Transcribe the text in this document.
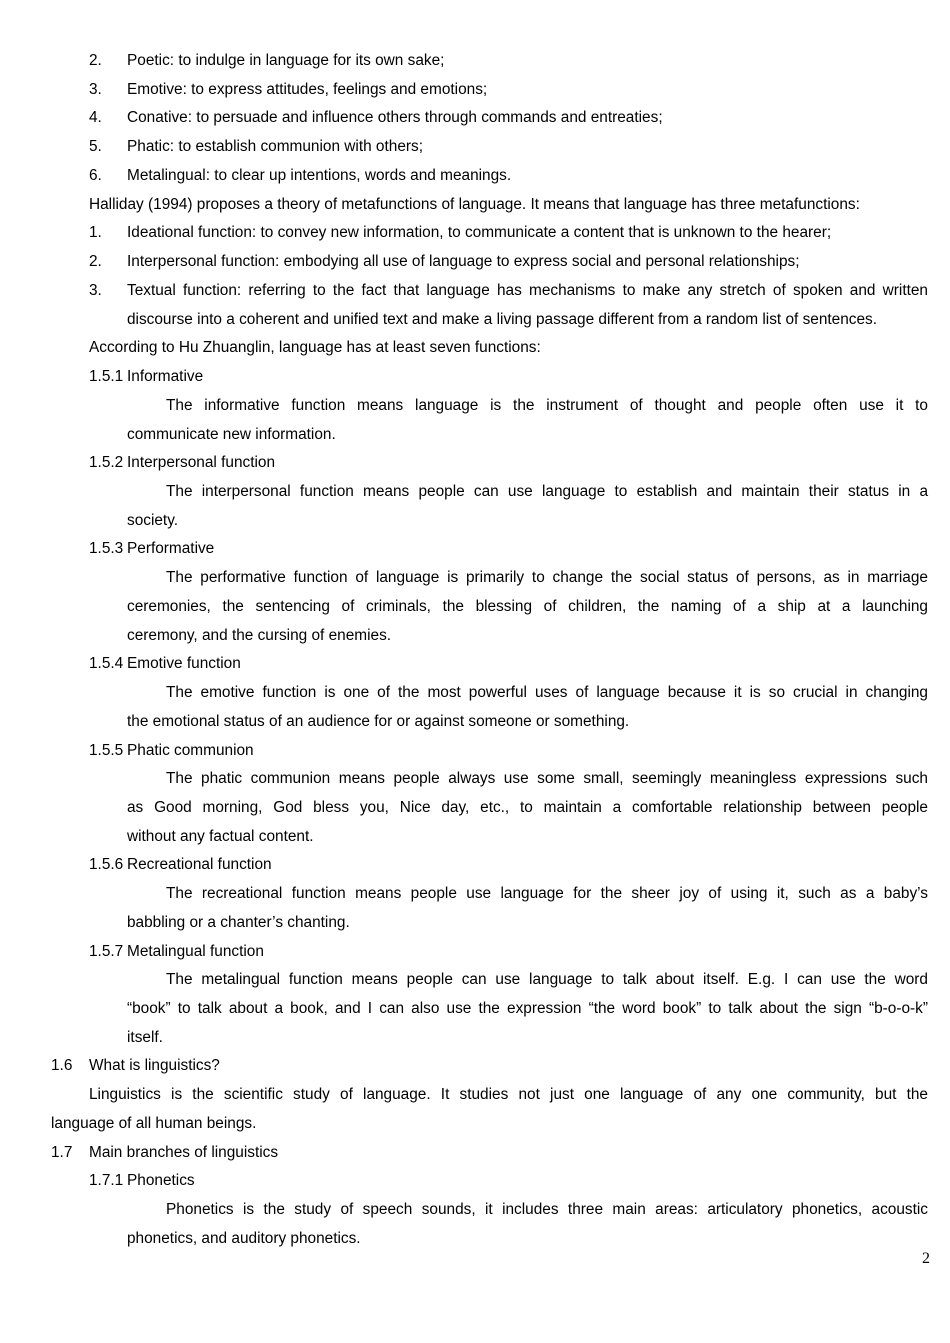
2. Poetic: to indulge in language for its own sake;
3. Emotive: to express attitudes, feelings and emotions;
4. Conative: to persuade and influence others through commands and entreaties;
5. Phatic: to establish communion with others;
6. Metalingual: to clear up intentions, words and meanings.
Halliday (1994) proposes a theory of metafunctions of language. It means that language has three metafunctions:
1. Ideational function: to convey new information, to communicate a content that is unknown to the hearer;
2. Interpersonal function: embodying all use of language to express social and personal relationships;
3. Textual function: referring to the fact that language has mechanisms to make any stretch of spoken and written
discourse into a coherent and unified text and make a living passage different from a random list of sentences.
According to Hu Zhuanglin, language has at least seven functions:
1.5.1 Informative
The informative function means language is the instrument of thought and people often use it to
communicate new information.
1.5.2 Interpersonal function
The interpersonal function means people can use language to establish and maintain their status in a
society.
1.5.3 Performative
The performative function of language is primarily to change the social status of persons, as in marriage
ceremonies, the sentencing of criminals, the blessing of children, the naming of a ship at a launching
ceremony, and the cursing of enemies.
1.5.4 Emotive function
The emotive function is one of the most powerful uses of language because it is so crucial in changing
the emotional status of an audience for or against someone or something.
1.5.5 Phatic communion
The phatic communion means people always use some small, seemingly meaningless expressions such
as Good morning, God bless you, Nice day, etc., to maintain a comfortable relationship between people
without any factual content.
1.5.6 Recreational function
The recreational function means people use language for the sheer joy of using it, such as a baby’s
babbling or a chanter’s chanting.
1.5.7 Metalingual function
The metalingual function means people can use language to talk about itself. E.g. I can use the word
“book” to talk about a book, and I can also use the expression “the word book” to talk about the sign “b-o-o-k”
itself.
1.6 What is linguistics?
Linguistics is the scientific study of language. It studies not just one language of any one community, but the
language of all human beings.
1.7 Main branches of linguistics
1.7.1 Phonetics
Phonetics is the study of speech sounds, it includes three main areas: articulatory phonetics, acoustic
phonetics, and auditory phonetics.
2
